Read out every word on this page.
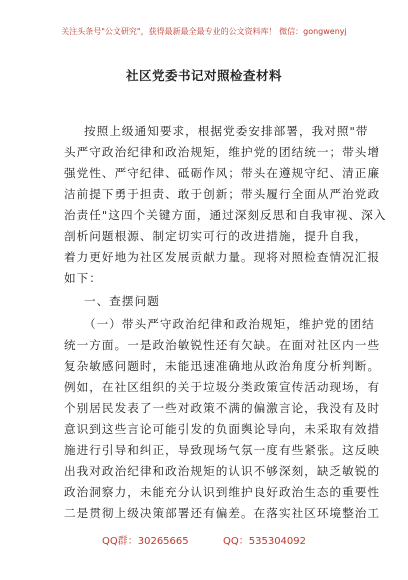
关注头条号"公文研究"，获得最新最全最专业的公文资料库！ 微信：gongwenyj
社区党委书记对照检查材料
按照上级通知要求，根据党委安排部署，我对照"带
头严守政治纪律和政治规矩，维护党的团结统一；带头增
强党性、严守纪律、砥砺作风；带头在遵规守纪、清正廉
洁前提下勇于担责、敢于创新；带头履行全面从严治党政
治责任"这四个关键方面，通过深刻反思和自我审视、深入
剖析问题根源、制定切实可行的改进措施，提升自我，
着力更好地为社区发展贡献力量。现将对照检查情况汇报
如下：
一、查摆问题
（一）带头严守政治纪律和政治规矩，维护党的团结
统一方面。一是政治敏锐性还有欠缺。在面对社区内一些
复杂敏感问题时，未能迅速准确地从政治角度分析判断。
例如，在社区组织的关于垃圾分类政策宣传活动现场，有
个别居民发表了一些对政策不满的偏激言论，我没有及时
意识到这些言论可能引发的负面舆论导向，未采取有效措
施进行引导和纠正，导致现场气氛一度有些紧张。这反映
出我对政治纪律和政治规矩的认识不够深刻，缺乏敏锐的
政治洞察力，未能充分认识到维护良好政治生态的重要性
二是贯彻上级决策部署还有偏差。在落实社区环境整治工
QQ群：30265665	QQ：535304092
